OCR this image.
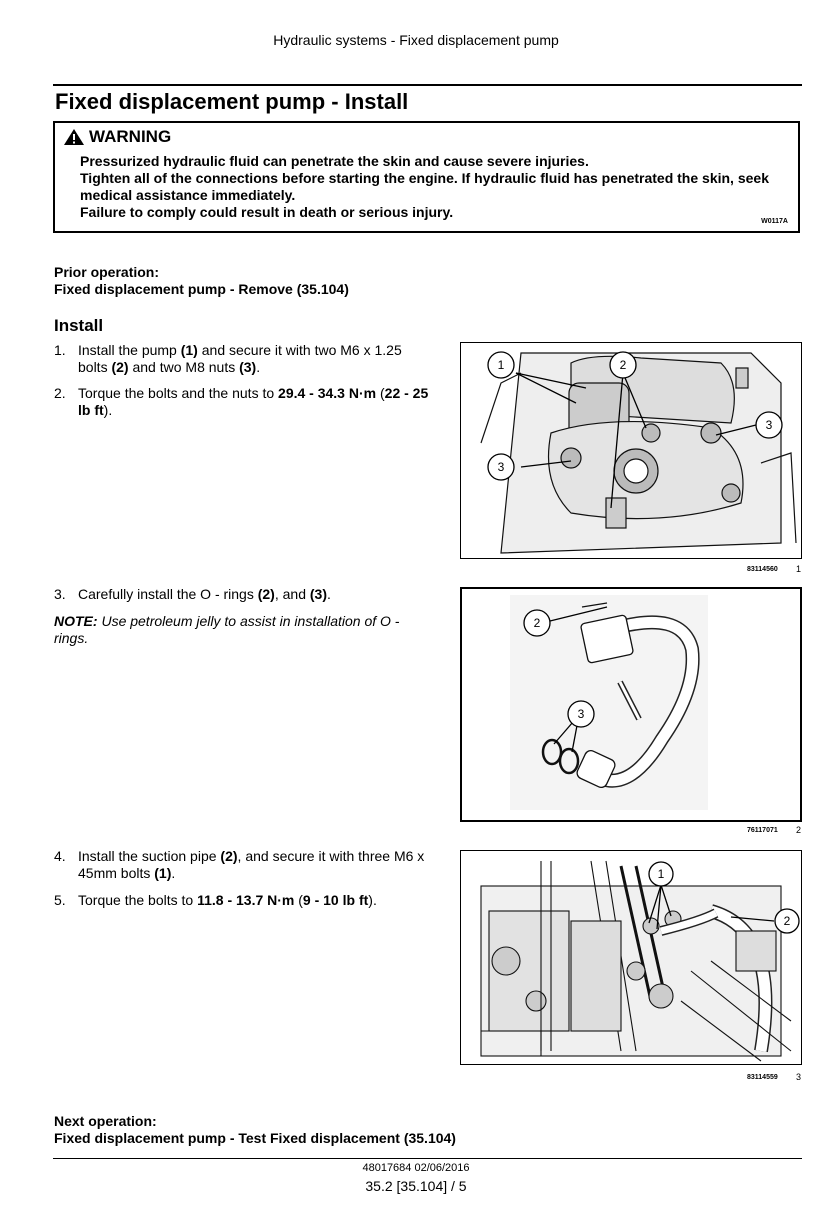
Hydraulic systems - Fixed displacement pump
Fixed displacement pump - Install
WARNING
Pressurized hydraulic fluid can penetrate the skin and cause severe injuries.
Tighten all of the connections before starting the engine. If hydraulic fluid has penetrated the skin, seek medical assistance immediately.
Failure to comply could result in death or serious injury.
W0117A
Prior operation:
Fixed displacement pump - Remove (35.104)
Install
1. Install the pump (1) and secure it with two M6 x 1.25 bolts (2) and two M8 nuts (3).
2. Torque the bolts and the nuts to 29.4 - 34.3 N·m (22 - 25 lb ft).
1	2
3
3
83114560 1
3. Carefully install the O - rings (2), and (3).
NOTE: Use petroleum jelly to assist in installation of O - rings.
2
3
76117071 2
4. Install the suction pipe (2), and secure it with three M6 x 45mm bolts (1).
5. Torque the bolts to 11.8 - 13.7 N·m (9 - 10 lb ft).
1
2
83114559 3
Next operation:
Fixed displacement pump - Test Fixed displacement (35.104)
48017684 02/06/2016
35.2 [35.104] / 5
